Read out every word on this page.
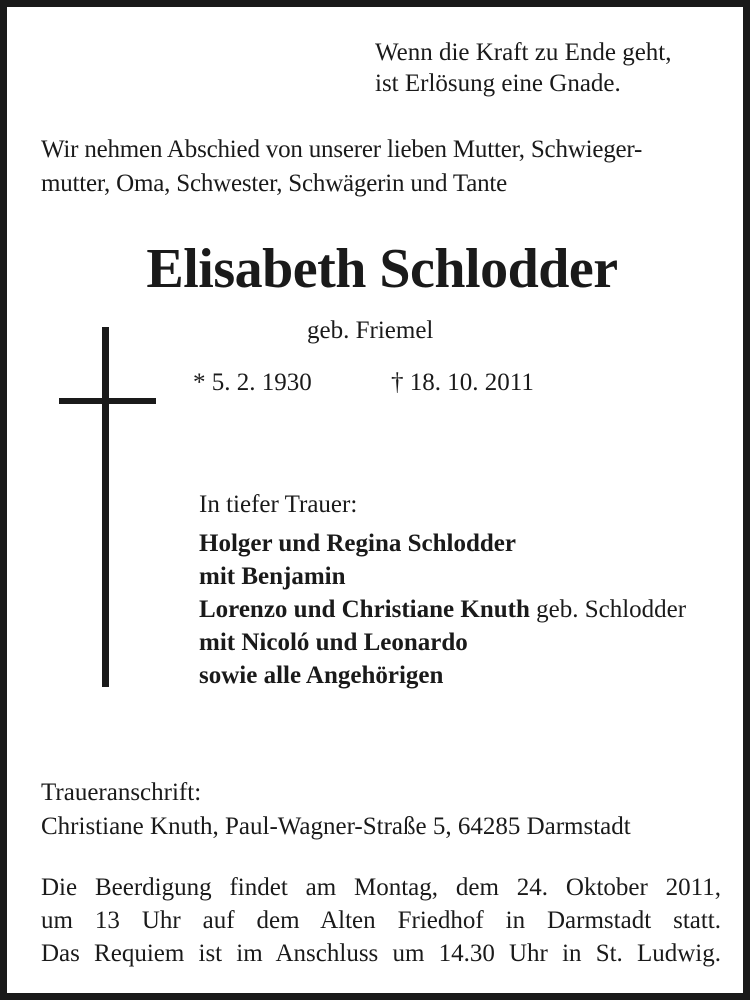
Wenn die Kraft zu Ende geht,
ist Erlösung eine Gnade.
Wir nehmen Abschied von unserer lieben Mutter, Schwieger-
mutter, Oma, Schwester, Schwägerin und Tante
Elisabeth Schlodder
geb. Friemel
* 5. 2. 1930	† 18. 10. 2011
In tiefer Trauer:
Holger und Regina Schlodder
mit Benjamin
Lorenzo und Christiane Knuth geb. Schlodder
mit Nicoló und Leonardo
sowie alle Angehörigen
Traueranschrift:
Christiane Knuth, Paul-Wagner-Straße 5, 64285 Darmstadt
Die Beerdigung findet am Montag, dem 24. Oktober 2011,
um 13 Uhr auf dem Alten Friedhof in Darmstadt statt.
Das Requiem ist im Anschluss um 14.30 Uhr in St. Ludwig.
